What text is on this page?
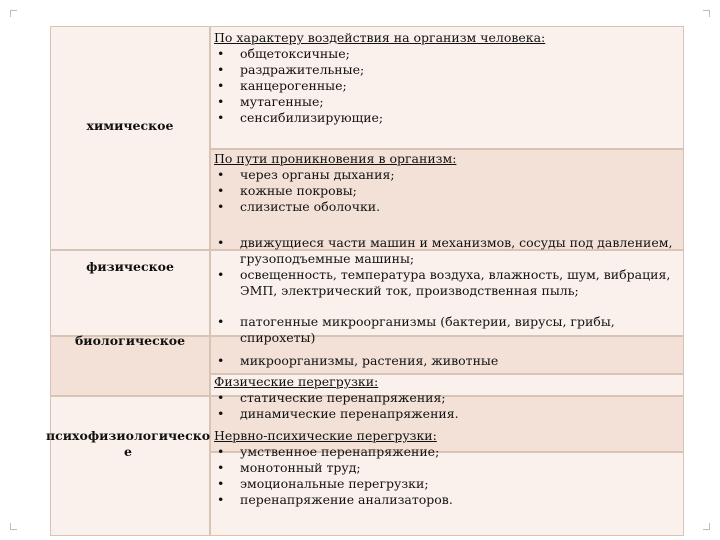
химическое
физическое
биологическое
психофизиологическо е
По характеру воздействия на организм человека:
• общетоксичные;
• раздражительные;
• канцерогенные;
• мутагенные;
• сенсибилизирующие;
По пути проникновения в организм:
• через органы дыхания;
• кожные покровы;
• слизистые оболочки.
• движущиеся части машин и механизмов, сосуды под давлением, грузоподъемные машины;
• освещенность, температура воздуха, влажность, шум, вибрация, ЭМП, электрический ток, производственная пыль;
• патогенные микроорганизмы (бактерии, вирусы, грибы, спирохеты)
• микроорганизмы, растения, животные
Физические перегрузки:
• статические перенапряжения;
• динамические перенапряжения.
Нервно-психические перегрузки:
• умственное перенапряжение;
• монотонный труд;
• эмоциональные перегрузки;
• перенапряжение анализаторов.
